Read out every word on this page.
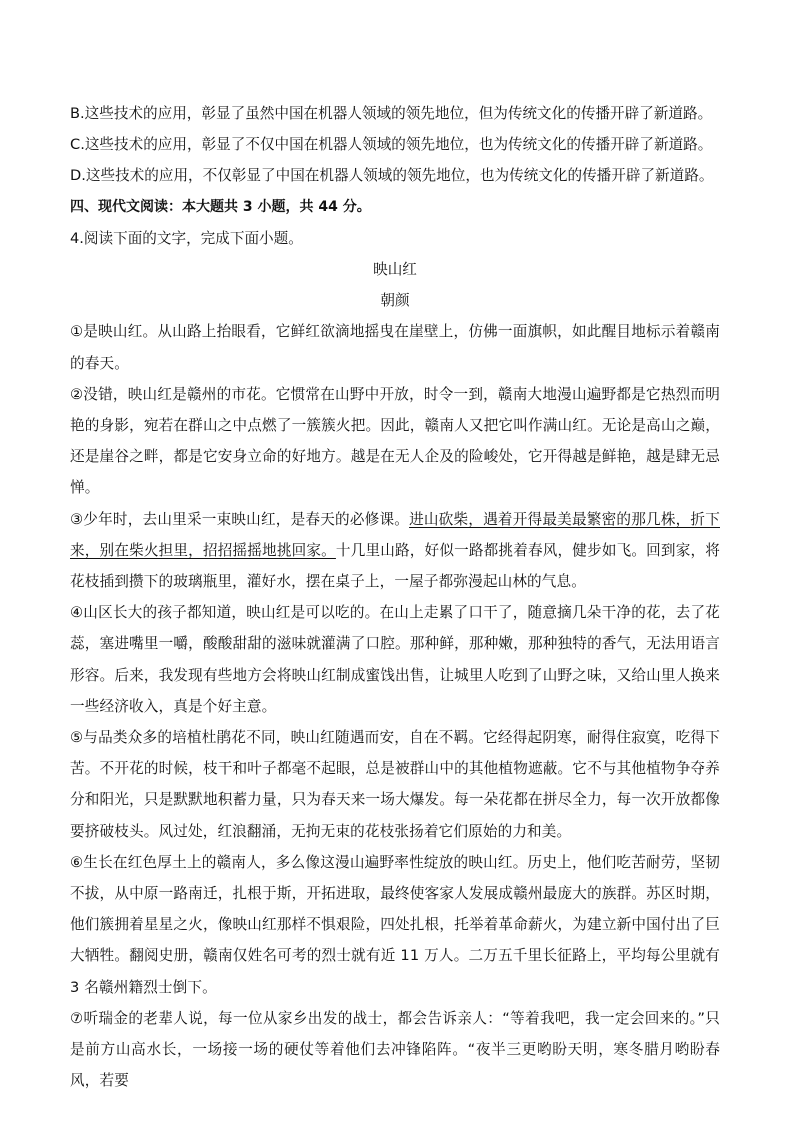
B.这些技术的应用，彰显了虽然中国在机器人领域的领先地位，但为传统文化的传播开辟了新道路。
C.这些技术的应用，彰显了不仅中国在机器人领域的领先地位，也为传统文化的传播开辟了新道路。
D.这些技术的应用，不仅彰显了中国在机器人领域的领先地位，也为传统文化的传播开辟了新道路。
四、现代文阅读：本大题共 3 小题，共 44 分。
4.阅读下面的文字，完成下面小题。
映山红
朝颜

①是映山红。从山路上抬眼看，它鲜红欲滴地摇曳在崖壁上，仿佛一面旗帜，如此醒目地标示着赣南的春天。

②没错，映山红是赣州的市花。它惯常在山野中开放，时令一到，赣南大地漫山遍野都是它热烈而明艳的身影，宛若在群山之中点燃了一簇簇火把。因此，赣南人又把它叫作满山红。无论是高山之巅，还是崖谷之畔，都是它安身立命的好地方。越是在无人企及的险峻处，它开得越是鲜艳，越是肆无忌惮。

③少年时，去山里采一束映山红，是春天的必修课。进山砍柴，遇着开得最美最繁密的那几株，折下来，别在柴火担里，招招摇摇地挑回家。十几里山路，好似一路都挑着春风，健步如飞。回到家，将花枝插到攒下的玻璃瓶里，灌好水，摆在桌子上，一屋子都弥漫起山林的气息。

④山区长大的孩子都知道，映山红是可以吃的。在山上走累了口干了，随意摘几朵干净的花，去了花蕊，塞进嘴里一嚼，酸酸甜甜的滋味就灌满了口腔。那种鲜，那种嫩，那种独特的香气，无法用语言形容。后来，我发现有些地方会将映山红制成蜜饯出售，让城里人吃到了山野之味，又给山里人换来一些经济收入，真是个好主意。

⑤与品类众多的培植杜鹃花不同，映山红随遇而安，自在不羁。它经得起阴寒，耐得住寂寞，吃得下苦。不开花的时候，枝干和叶子都毫不起眼，总是被群山中的其他植物遮蔽。它不与其他植物争夺养分和阳光，只是默默地积蓄力量，只为春天来一场大爆发。每一朵花都在拼尽全力，每一次开放都像要挤破枝头。风过处，红浪翻涌，无拘无束的花枝张扬着它们原始的力和美。

⑥生长在红色厚土上的赣南人，多么像这漫山遍野率性绽放的映山红。历史上，他们吃苦耐劳，坚韧不拔，从中原一路南迁，扎根于斯，开拓进取，最终使客家人发展成赣州最庞大的族群。苏区时期，他们簇拥着星星之火，像映山红那样不惧艰险，四处扎根，托举着革命薪火，为建立新中国付出了巨大牺牲。翻阅史册，赣南仅姓名可考的烈士就有近 11 万人。二万五千里长征路上，平均每公里就有 3 名赣州籍烈士倒下。

⑦听瑞金的老辈人说，每一位从家乡出发的战士，都会告诉亲人：“等着我吧，我一定会回来的。”只是前方山高水长，一场接一场的硬仗等着他们去冲锋陷阵。“夜半三更哟盼天明，寒冬腊月哟盼春风，若要
